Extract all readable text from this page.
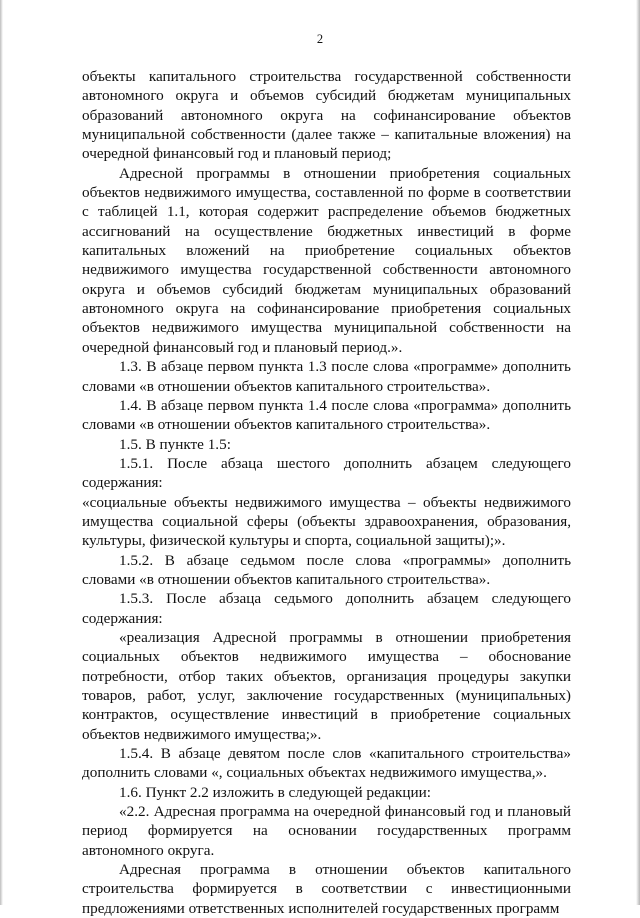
2

объекты капитального строительства государственной собственности автономного округа и объемов субсидий бюджетам муниципальных образований автономного округа на софинансирование объектов муниципальной собственности (далее также – капитальные вложения) на очередной финансовый год и плановый период;

Адресной программы в отношении приобретения социальных объектов недвижимого имущества, составленной по форме в соответствии с таблицей 1.1, которая содержит распределение объемов бюджетных ассигнований на осуществление бюджетных инвестиций в форме капитальных вложений на приобретение социальных объектов недвижимого имущества государственной собственности автономного округа и объемов субсидий бюджетам муниципальных образований автономного округа на софинансирование приобретения социальных объектов недвижимого имущества муниципальной собственности на очередной финансовый год и плановый период.».

1.3. В абзаце первом пункта 1.3 после слова «программе» дополнить словами «в отношении объектов капитального строительства».

1.4. В абзаце первом пункта 1.4 после слова «программа» дополнить словами «в отношении объектов капитального строительства».

1.5. В пункте 1.5:

1.5.1. После абзаца шестого дополнить абзацем следующего содержания:

«социальные объекты недвижимого имущества – объекты недвижимого имущества социальной сферы (объекты здравоохранения, образования, культуры, физической культуры и спорта, социальной защиты);».

1.5.2. В абзаце седьмом после слова «программы» дополнить словами «в отношении объектов капитального строительства».

1.5.3. После абзаца седьмого дополнить абзацем следующего содержания:

«реализация Адресной программы в отношении приобретения социальных объектов недвижимого имущества – обоснование потребности, отбор таких объектов, организация процедуры закупки товаров, работ, услуг, заключение государственных (муниципальных) контрактов, осуществление инвестиций в приобретение социальных объектов недвижимого имущества;».

1.5.4. В абзаце девятом после слов «капитального строительства» дополнить словами «, социальных объектах недвижимого имущества,».

1.6. Пункт 2.2 изложить в следующей редакции:

«2.2. Адресная программа на очередной финансовый год и плановый период формируется на основании государственных программ автономного округа.

Адресная программа в отношении объектов капитального строительства формируется в соответствии с инвестиционными предложениями ответственных исполнителей государственных программ
